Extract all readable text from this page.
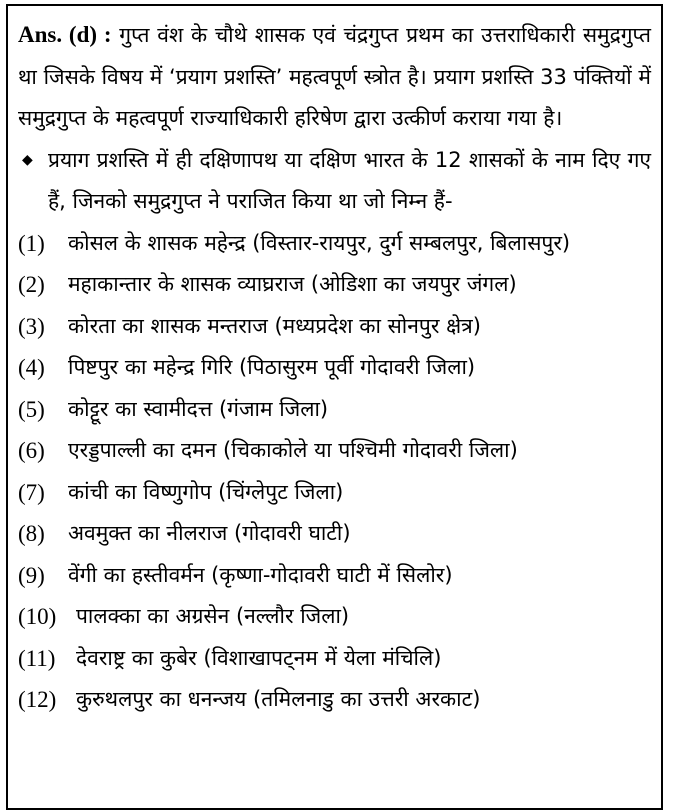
Ans. (d) : गुप्त वंश के चौथे शासक एवं चंद्रगुप्त प्रथम का उत्तराधिकारी समुद्रगुप्त था जिसके विषय में ‘प्रयाग प्रशस्ति’ महत्वपूर्ण स्त्रोत है। प्रयाग प्रशस्ति 33 पंक्तियों में समुद्रगुप्त के महत्वपूर्ण राज्याधिकारी हरिषेण द्वारा उत्कीर्ण कराया गया है।
◆ प्रयाग प्रशस्ति में ही दक्षिणापथ या दक्षिण भारत के 12 शासकों के नाम दिए गए हैं, जिनको समुद्रगुप्त ने पराजित किया था जो निम्न हैं-
(1) कोसल के शासक महेन्द्र (विस्तार-रायपुर, दुर्ग सम्बलपुर, बिलासपुर)
(2) महाकान्तार के शासक व्याघ्रराज (ओडिशा का जयपुर जंगल)
(3) कोरता का शासक मन्तराज (मध्यप्रदेश का सोनपुर क्षेत्र)
(4) पिष्टपुर का महेन्द्र गिरि (पिठासुरम पूर्वी गोदावरी जिला)
(5) कोट्टूर का स्वामीदत्त (गंजाम जिला)
(6) एरड्डपाल्ली का दमन (चिकाकोले या पश्चिमी गोदावरी जिला)
(7) कांची का विष्णुगोप (चिंग्लेपुट जिला)
(8) अवमुक्त का नीलराज (गोदावरी घाटी)
(9) वेंगी का हस्तीवर्मन (कृष्णा-गोदावरी घाटी में सिलोर)
(10) पालक्का का अग्रसेन (नल्लौर जिला)
(11) देवराष्ट्र का कुबेर (विशाखापट्नम में येला मंचिलि)
(12) कुरुथलपुर का धनन्जय (तमिलनाडु का उत्तरी अरकाट)
